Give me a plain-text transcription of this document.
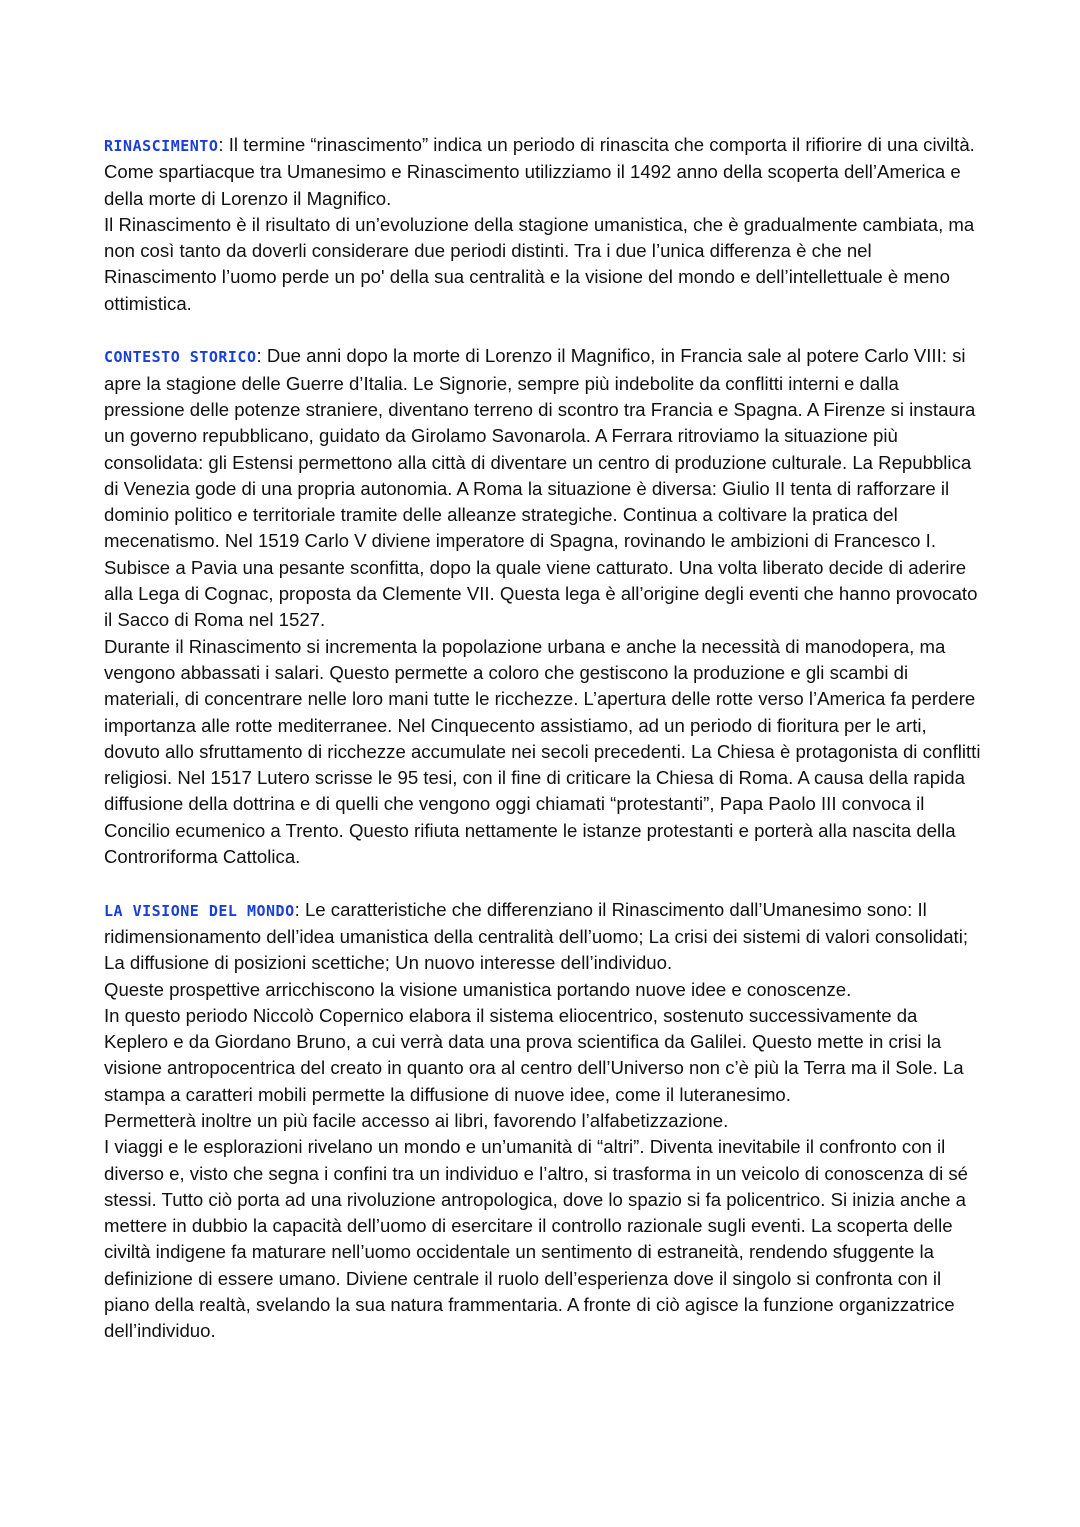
RINASCIMENTO: Il termine “rinascimento” indica un periodo di rinascita che comporta il rifiorire di una civiltà. Come spartiacque tra Umanesimo e Rinascimento utilizziamo il 1492 anno della scoperta dell’America e della morte di Lorenzo il Magnifico.

Il Rinascimento è il risultato di un’evoluzione della stagione umanistica, che è gradualmente cambiata, ma non così tanto da doverli considerare due periodi distinti. Tra i due l’unica differenza è che nel Rinascimento l’uomo perde un po' della sua centralità e la visione del mondo e dell’intellettuale è meno ottimistica.

CONTESTO STORICO: Due anni dopo la morte di Lorenzo il Magnifico, in Francia sale al potere Carlo VIII: si apre la stagione delle Guerre d’Italia. Le Signorie, sempre più indebolite da conflitti interni e dalla pressione delle potenze straniere, diventano terreno di scontro tra Francia e Spagna. A Firenze si instaura un governo repubblicano, guidato da Girolamo Savonarola. A Ferrara ritroviamo la situazione più consolidata: gli Estensi permettono alla città di diventare un centro di produzione culturale. La Repubblica di Venezia gode di una propria autonomia. A Roma la situazione è diversa: Giulio II tenta di rafforzare il dominio politico e territoriale tramite delle alleanze strategiche. Continua a coltivare la pratica del mecenatismo. Nel 1519 Carlo V diviene imperatore di Spagna, rovinando le ambizioni di Francesco I. Subisce a Pavia una pesante sconfitta, dopo la quale viene catturato. Una volta liberato decide di aderire alla Lega di Cognac, proposta da Clemente VII. Questa lega è all’origine degli eventi che hanno provocato il Sacco di Roma nel 1527.

Durante il Rinascimento si incrementa la popolazione urbana e anche la necessità di manodopera, ma vengono abbassati i salari. Questo permette a coloro che gestiscono la produzione e gli scambi di materiali, di concentrare nelle loro mani tutte le ricchezze. L’apertura delle rotte verso l’America fa perdere importanza alle rotte mediterranee. Nel Cinquecento assistiamo, ad un periodo di fioritura per le arti, dovuto allo sfruttamento di ricchezze accumulate nei secoli precedenti. La Chiesa è protagonista di conflitti religiosi. Nel 1517 Lutero scrisse le 95 tesi, con il fine di criticare la Chiesa di Roma. A causa della rapida diffusione della dottrina e di quelli che vengono oggi chiamati “protestanti”, Papa Paolo III convoca il Concilio ecumenico a Trento. Questo rifiuta nettamente le istanze protestanti e porterà alla nascita della Controriforma Cattolica.

LA VISIONE DEL MONDO: Le caratteristiche che differenziano il Rinascimento dall’Umanesimo sono: Il ridimensionamento dell’idea umanistica della centralità dell’uomo; La crisi dei sistemi di valori consolidati; La diffusione di posizioni scettiche; Un nuovo interesse dell’individuo.

Queste prospettive arricchiscono la visione umanistica portando nuove idee e conoscenze.

In questo periodo Niccolò Copernico elabora il sistema eliocentrico, sostenuto successivamente da Keplero e da Giordano Bruno, a cui verrà data una prova scientifica da Galilei. Questo mette in crisi la visione antropocentrica del creato in quanto ora al centro dell’Universo non c’è più la Terra ma il Sole. La stampa a caratteri mobili permette la diffusione di nuove idee, come il luteranesimo.

Permetterà inoltre un più facile accesso ai libri, favorendo l’alfabetizzazione.

I viaggi e le esplorazioni rivelano un mondo e un’umanità di “altri”. Diventa inevitabile il confronto con il diverso e, visto che segna i confini tra un individuo e l’altro, si trasforma in un veicolo di conoscenza di sé stessi. Tutto ciò porta ad una rivoluzione antropologica, dove lo spazio si fa policentrico. Si inizia anche a mettere in dubbio la capacità dell’uomo di esercitare il controllo razionale sugli eventi. La scoperta delle civiltà indigene fa maturare nell’uomo occidentale un sentimento di estraneità, rendendo sfuggente la definizione di essere umano. Diviene centrale il ruolo dell’esperienza dove il singolo si confronta con il piano della realtà, svelando la sua natura frammentaria. A fronte di ciò agisce la funzione organizzatrice dell’individuo.
